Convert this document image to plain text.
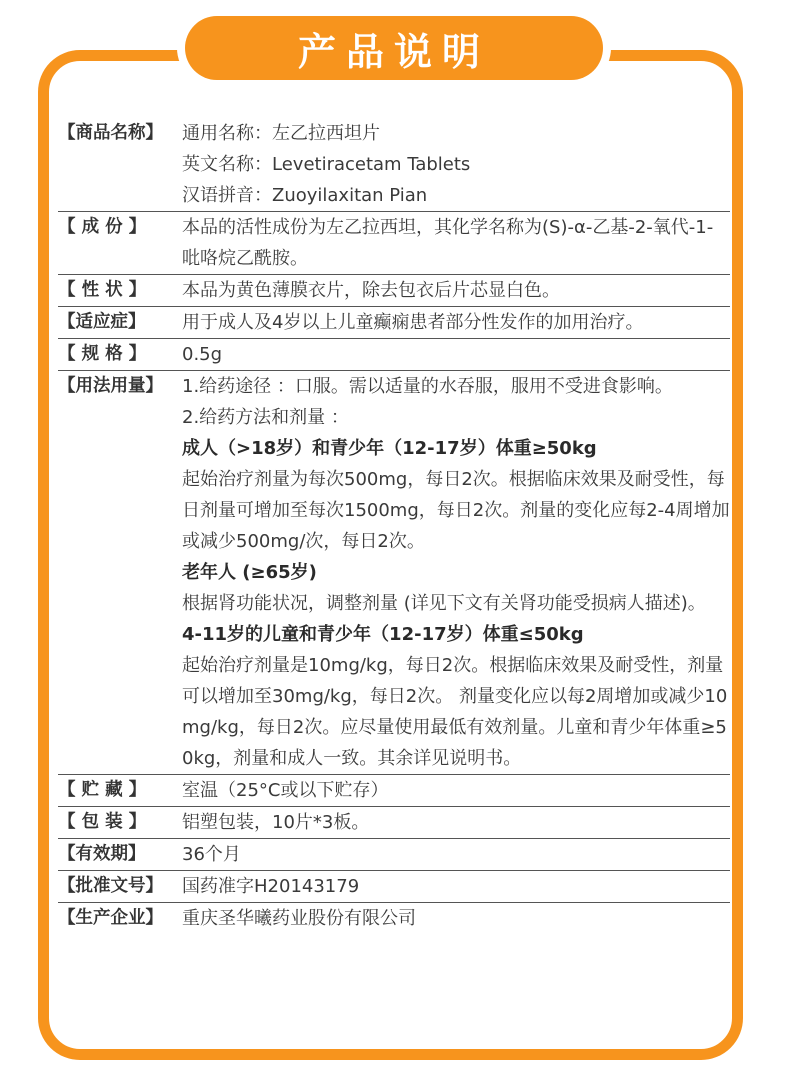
产品说明
【商品名称】	通用名称：左乙拉西坦片
英文名称：Levetiracetam Tablets
汉语拼音：Zuoyilaxitan Pian
【 成 份 】	本品的活性成份为左乙拉西坦，其化学名称为(S)-α-乙基-2-氧代-1-吡咯烷乙酰胺。
【 性 状 】	本品为黄色薄膜衣片，除去包衣后片芯显白色。
【适应症】	用于成人及4岁以上儿童癫痫患者部分性发作的加用治疗。
【 规 格 】	0.5g
【用法用量】	1.给药途径 ：口服。需以适量的水吞服，服用不受进食影响。
2.给药方法和剂量 ：
成人（>18岁）和青少年（12-17岁）体重≥50kg
起始治疗剂量为每次500mg，每日2次。根据临床效果及耐受性，每日剂量可增加至每次1500mg，每日2次。剂量的变化应每2-4周增加或减少500mg/次，每日2次。
老年人 (≥65岁)
根据肾功能状况，调整剂量 (详见下文有关肾功能受损病人描述)。
4-11岁的儿童和青少年（12-17岁）体重≤50kg
起始治疗剂量是10mg/kg，每日2次。根据临床效果及耐受性，剂量可以增加至30mg/kg，每日2次。 剂量变化应以每2周增加或减少10mg/kg，每日2次。应尽量使用最低有效剂量。儿童和青少年体重≥50kg，剂量和成人一致。其余详见说明书。
【 贮 藏 】	室温（25°C或以下贮存）
【 包 装 】	铝塑包装，10片*3板。
【有效期】	36个月
【批准文号】	国药准字H20143179
【生产企业】	重庆圣华曦药业股份有限公司
